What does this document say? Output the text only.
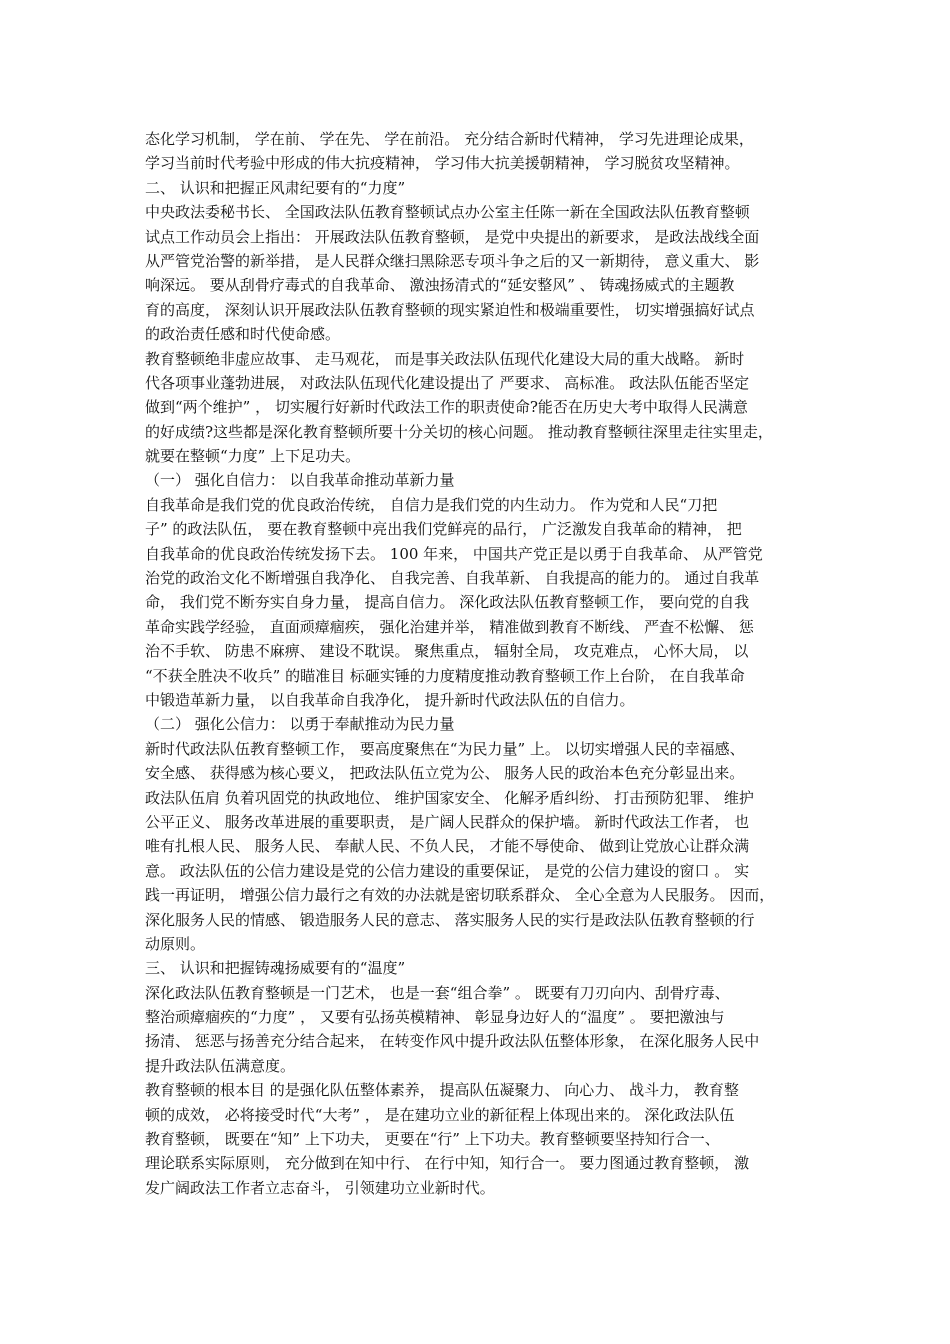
态化学习机制， 学在前、 学在先、 学在前沿。 充分结合新时代精神， 学习先进理论成果，
学习当前时代考验中形成的伟大抗疫精神， 学习伟大抗美援朝精神， 学习脱贫攻坚精神。
二、 认识和把握正风肃纪要有的“力度”
中央政法委秘书长、 全国政法队伍教育整顿试点办公室主任陈一新在全国政法队伍教育整顿
试点工作动员会上指出： 开展政法队伍教育整顿， 是党中央提出的新要求， 是政法战线全面
从严管党治警的新举措， 是人民群众继扫黑除恶专项斗争之后的又一新期待， 意义重大、 影
响深远。 要从刮骨疗毒式的自我革命、 激浊扬清式的“延安整风” 、 铸魂扬威式的主题教
育的高度， 深刻认识开展政法队伍教育整顿的现实紧迫性和极端重要性， 切实增强搞好试点
的政治责任感和时代使命感。
教育整顿绝非虚应故事、 走马观花， 而是事关政法队伍现代化建设大局的重大战略。 新时
代各项事业蓬勃进展， 对政法队伍现代化建设提出了 严要求、 高标准。 政法队伍能否坚定
做到“两个维护” ， 切实履行好新时代政法工作的职责使命?能否在历史大考中取得人民满意
的好成绩?这些都是深化教育整顿所要十分关切的核心问题。 推动教育整顿往深里走往实里走，
就要在整顿“力度” 上下足功夫。
（一） 强化自信力： 以自我革命推动革新力量
自我革命是我们党的优良政治传统， 自信力是我们党的内生动力。 作为党和人民“刀把
子” 的政法队伍， 要在教育整顿中亮出我们党鲜亮的品行， 广泛激发自我革命的精神， 把
自我革命的优良政治传统发扬下去。 100 年来， 中国共产党正是以勇于自我革命、 从严管党
治党的政治文化不断增强自我净化、 自我完善、自我革新、 自我提高的能力的。 通过自我革
命， 我们党不断夯实自身力量， 提高自信力。 深化政法队伍教育整顿工作， 要向党的自我
革命实践学经验， 直面顽瘴痼疾， 强化治建并举， 精准做到教育不断线、 严查不松懈、 惩
治不手软、 防患不麻痹、 建设不耽误。 聚焦重点， 辐射全局， 攻克难点， 心怀大局， 以
“不获全胜决不收兵” 的瞄准目 标砸实锤的力度精度推动教育整顿工作上台阶， 在自我革命
中锻造革新力量， 以自我革命自我净化， 提升新时代政法队伍的自信力。
（二） 强化公信力： 以勇于奉献推动为民力量
新时代政法队伍教育整顿工作， 要高度聚焦在“为民力量” 上。 以切实增强人民的幸福感、
安全感、 获得感为核心要义， 把政法队伍立党为公、 服务人民的政治本色充分彰显出来。
政法队伍肩 负着巩固党的执政地位、 维护国家安全、 化解矛盾纠纷、 打击预防犯罪、 维护
公平正义、 服务改革进展的重要职责， 是广阔人民群众的保护墙。 新时代政法工作者， 也
唯有扎根人民、 服务人民、 奉献人民、不负人民， 才能不辱使命、 做到让党放心让群众满
意。 政法队伍的公信力建设是党的公信力建设的重要保证， 是党的公信力建设的窗口 。 实
践一再证明， 增强公信力最行之有效的办法就是密切联系群众、 全心全意为人民服务。 因而，
深化服务人民的情感、 锻造服务人民的意志、 落实服务人民的实行是政法队伍教育整顿的行
动原则。
三、 认识和把握铸魂扬威要有的“温度”
深化政法队伍教育整顿是一门艺术， 也是一套“组合拳” 。 既要有刀刃向内、刮骨疗毒、
整治顽瘴痼疾的“力度” ， 又要有弘扬英模精神、 彰显身边好人的“温度” 。 要把激浊与
扬清、 惩恶与扬善充分结合起来， 在转变作风中提升政法队伍整体形象， 在深化服务人民中
提升政法队伍满意度。
教育整顿的根本目 的是强化队伍整体素养， 提高队伍凝聚力、 向心力、 战斗力， 教育整
顿的成效， 必将接受时代“大考” ， 是在建功立业的新征程上体现出来的。 深化政法队伍
教育整顿， 既要在“知” 上下功夫， 更要在“行” 上下功夫。教育整顿要坚持知行合一、
理论联系实际原则， 充分做到在知中行、 在行中知，知行合一。 要力图通过教育整顿， 激
发广阔政法工作者立志奋斗， 引领建功立业新时代。
